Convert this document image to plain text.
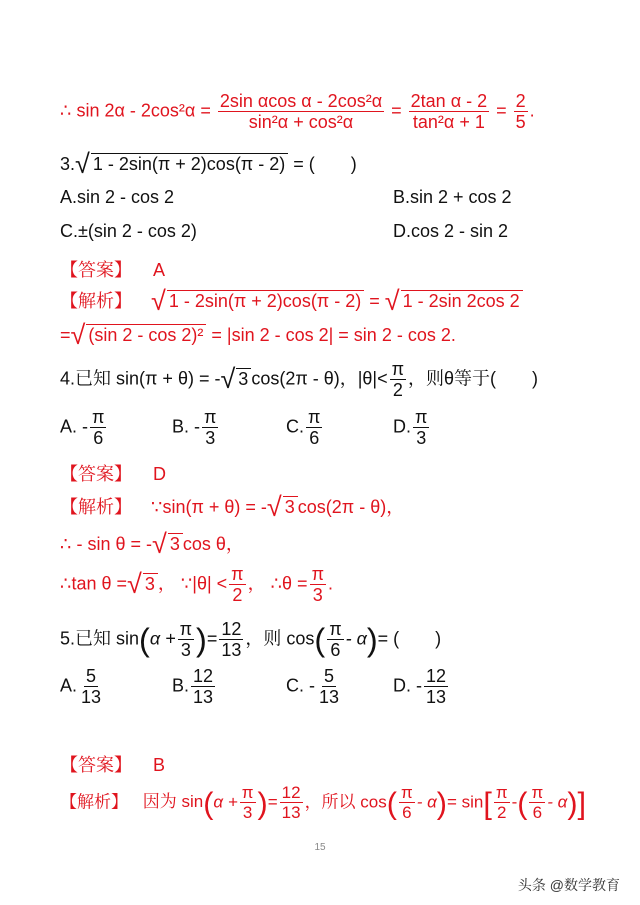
∴ $\sin 2\alpha - 2\cos^2\alpha = \frac{\text{2sin αcos α - 2cos²α}}{\text{sin²α + cos²α}} = \frac{\text{2tan α - 2}}{\text{tan²α + 1}} = \frac{2}{5}$ .
3.√ 1 - 2sin(π + 2)cos(π - 2) = (　　)
A.sin 2 - cos 2	B.sin 2 + cos 2
C.±(sin 2 - cos 2)	D.cos 2 - sin 2
【答案】 A
【解析】 √ 1 - 2sin(π + 2)cos(π - 2) = √ 1 - 2sin 2cos 2
=√ (sin 2 - cos 2)² = |sin 2 - cos 2| = sin 2 - cos 2.
4.已知 sin(π + θ) = -√ 3 cos(2π - θ)，$|\theta|< \frac{\pi}{2}$ ，则θ等于(　　)
A. - $\frac{\pi}{6}$	B. - $\frac{\pi}{3}$	C. $\frac{\pi}{6}$	D. $\frac{\pi}{3}$
【答案】 D
【解析】 ∵sin(π + θ) = -√ 3 cos(2π - θ)，
∴ - sin θ = -√ 3 cos θ，
∴tan θ =√ 3 ， ∵|θ| < $\frac{\pi}{2}$ ， ∴θ = $\frac{\pi}{3}$ .
5.已知 $\sin(\alpha + \frac{\pi}{3}$ )= $\frac{12}{13}$ ，则 $\cos( \frac{\pi}{6} - \alpha)=$ (　　)
A. $\frac{5}{13}$	B. $\frac{12}{13}$	C. - $\frac{5}{13}$	D. - $\frac{12}{13}$
【答案】 B
【解析】 因为 $\sin(\alpha + \frac{\pi}{3}$ )= $\frac{12}{13}$ ，所以 $\cos( \frac{\pi}{6} - \alpha)= \sin[ \frac{\pi}{2}$ -( $\frac{\pi}{6} - \alpha$)]
15
头条 @数学教育
